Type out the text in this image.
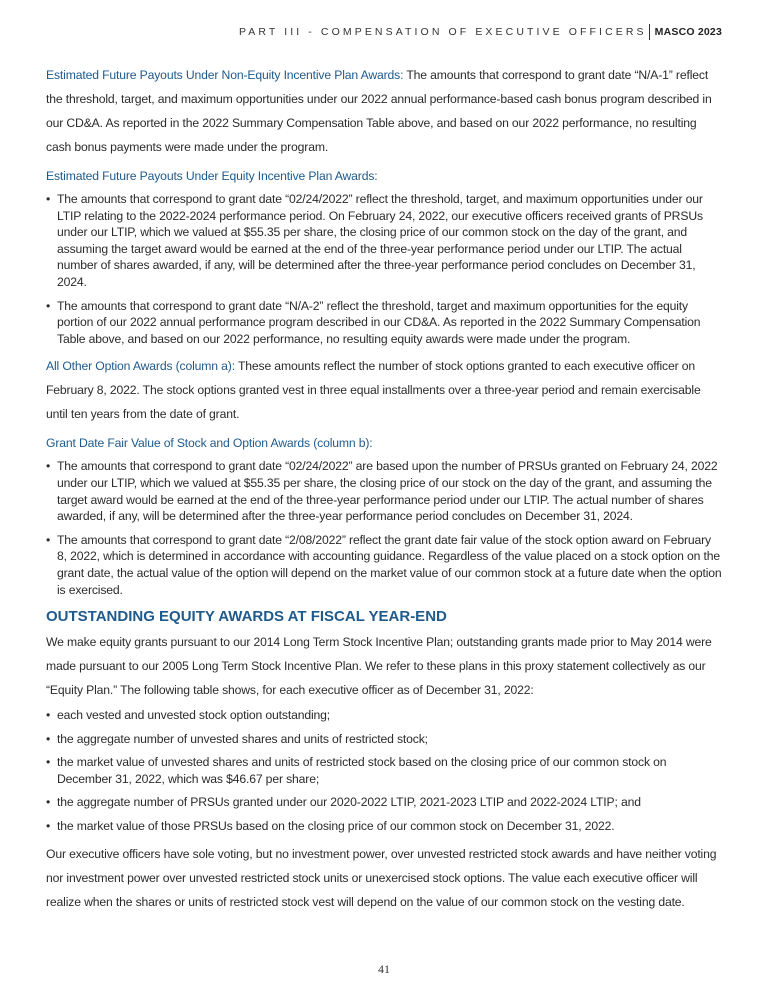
PART III - COMPENSATION OF EXECUTIVE OFFICERS MASCO 2023

Estimated Future Payouts Under Non-Equity Incentive Plan Awards: The amounts that correspond to grant date “N/A-1” reflect the threshold, target, and maximum opportunities under our 2022 annual performance-based cash bonus program described in our CD&A. As reported in the 2022 Summary Compensation Table above, and based on our 2022 performance, no resulting cash bonus payments were made under the program.

Estimated Future Payouts Under Equity Incentive Plan Awards:

• The amounts that correspond to grant date “02/24/2022” reflect the threshold, target, and maximum opportunities under our LTIP relating to the 2022-2024 performance period. On February 24, 2022, our executive officers received grants of PRSUs under our LTIP, which we valued at $55.35 per share, the closing price of our common stock on the day of the grant, and assuming the target award would be earned at the end of the three-year performance period under our LTIP. The actual number of shares awarded, if any, will be determined after the three-year performance period concludes on December 31, 2024.
• The amounts that correspond to grant date “N/A-2” reflect the threshold, target and maximum opportunities for the equity portion of our 2022 annual performance program described in our CD&A. As reported in the 2022 Summary Compensation Table above, and based on our 2022 performance, no resulting equity awards were made under the program.

All Other Option Awards (column a): These amounts reflect the number of stock options granted to each executive officer on February 8, 2022. The stock options granted vest in three equal installments over a three-year period and remain exercisable until ten years from the date of grant.

Grant Date Fair Value of Stock and Option Awards (column b):

• The amounts that correspond to grant date “02/24/2022” are based upon the number of PRSUs granted on February 24, 2022 under our LTIP, which we valued at $55.35 per share, the closing price of our stock on the day of the grant, and assuming the target award would be earned at the end of the three-year performance period under our LTIP. The actual number of shares awarded, if any, will be determined after the three-year performance period concludes on December 31, 2024.
• The amounts that correspond to grant date “2/08/2022” reflect the grant date fair value of the stock option award on February 8, 2022, which is determined in accordance with accounting guidance. Regardless of the value placed on a stock option on the grant date, the actual value of the option will depend on the market value of our common stock at a future date when the option is exercised.
OUTSTANDING EQUITY AWARDS AT FISCAL YEAR-END

We make equity grants pursuant to our 2014 Long Term Stock Incentive Plan; outstanding grants made prior to May 2014 were made pursuant to our 2005 Long Term Stock Incentive Plan. We refer to these plans in this proxy statement collectively as our “Equity Plan.” The following table shows, for each executive officer as of December 31, 2022:

• each vested and unvested stock option outstanding;
• the aggregate number of unvested shares and units of restricted stock;
• the market value of unvested shares and units of restricted stock based on the closing price of our common stock on December 31, 2022, which was $46.67 per share;
• the aggregate number of PRSUs granted under our 2020-2022 LTIP, 2021-2023 LTIP and 2022-2024 LTIP; and
• the market value of those PRSUs based on the closing price of our common stock on December 31, 2022.

Our executive officers have sole voting, but no investment power, over unvested restricted stock awards and have neither voting nor investment power over unvested restricted stock units or unexercised stock options. The value each executive officer will realize when the shares or units of restricted stock vest will depend on the value of our common stock on the vesting date.

41
